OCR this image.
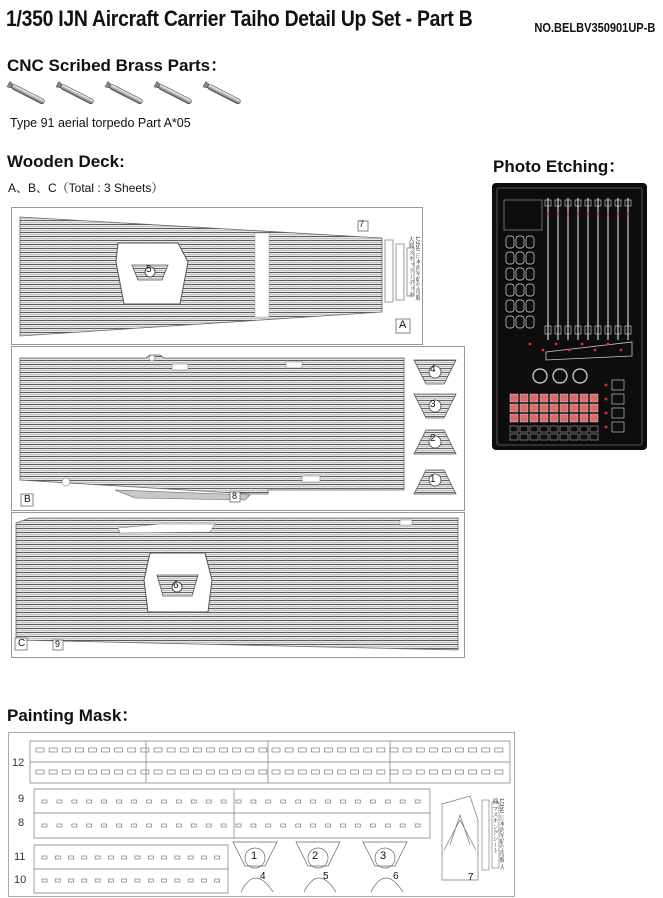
1/350 IJN Aircraft Carrier Taiho Detail Up Set - Part B	NO.BELBV350901UP-B
CNC Scribed Brass Parts：
Type 91 aerial torpedo Part A*05
Wooden Deck:
A、B、C（Total : 3 Sheets）
Photo Etching：
7
5
A
1/350 日本海军航空母舰 大鳳 スキッドーデッキ
B	8
4
3
2
1
C	9
6
Painting Mask：
12
9
8
11
10
1	2	3
4	5	6	7
1/350 日本海军航空母舰 大鳳 マスキングシート
